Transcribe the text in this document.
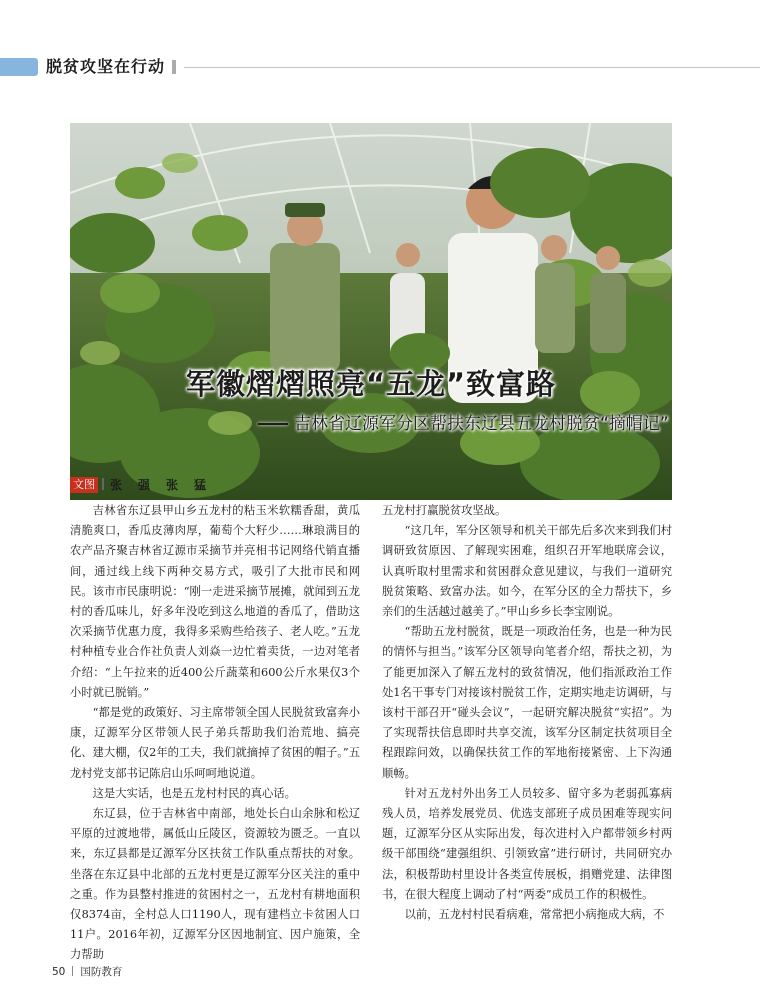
脱贫攻坚在行动
军徽熠熠照亮“五龙”致富路
吉林省辽源军分区帮扶东辽县五龙村脱贫“摘帽记”
文图 张　强　张　猛

吉林省东辽县甲山乡五龙村的粘玉米软糯香甜，黄瓜清脆爽口，香瓜皮薄肉厚，葡萄个大籽少……琳琅满目的农产品齐聚吉林省辽源市采摘节并亮相书记网络代销直播间，通过线上线下两种交易方式，吸引了大批市民和网民。该市市民康明说：“刚一走进采摘节展摊，就闻到五龙村的香瓜味儿，好多年没吃到这么地道的香瓜了，借助这次采摘节优惠力度，我得多采购些给孩子、老人吃。”五龙村种植专业合作社负责人刘焱一边忙着卖货，一边对笔者介绍：“上午拉来的近400公斤蔬菜和600公斤水果仅3个小时就已脱销。”

“都是党的政策好、习主席带领全国人民脱贫致富奔小康，辽源军分区带领人民子弟兵帮助我们治荒地、搞亮化、建大棚，仅2年的工夫，我们就摘掉了贫困的帽子。”五龙村党支部书记陈启山乐呵呵地说道。

这是大实话，也是五龙村村民的真心话。

东辽县，位于吉林省中南部，地处长白山余脉和松辽平原的过渡地带，属低山丘陵区，资源较为匮乏。一直以来，东辽县都是辽源军分区扶贫工作队重点帮扶的对象。坐落在东辽县中北部的五龙村更是辽源军分区关注的重中之重。作为县整村推进的贫困村之一，五龙村有耕地面积仅8374亩，全村总人口1190人，现有建档立卡贫困人口11户。2016年初，辽源军分区因地制宜、因户施策，全力帮助

五龙村打赢脱贫攻坚战。

“这几年，军分区领导和机关干部先后多次来到我们村调研致贫原因、了解现实困难，组织召开军地联席会议，认真听取村里需求和贫困群众意见建议，与我们一道研究脱贫策略、致富办法。如今，在军分区的全力帮扶下，乡亲们的生活越过越美了。”甲山乡乡长李宝刚说。

“帮助五龙村脱贫，既是一项政治任务，也是一种为民的情怀与担当。”该军分区领导向笔者介绍，帮扶之初，为了能更加深入了解五龙村的致贫情况，他们指派政治工作处1名干事专门对接该村脱贫工作，定期实地走访调研，与该村干部召开“碰头会议”，一起研究解决脱贫“实招”。为了实现帮扶信息即时共享交流，该军分区制定扶贫项目全程跟踪问效，以确保扶贫工作的军地衔接紧密、上下沟通顺畅。

针对五龙村外出务工人员较多、留守多为老弱孤寡病残人员，培养发展党员、优选支部班子成员困难等现实问题，辽源军分区从实际出发，每次进村入户都带领乡村两级干部围绕“建强组织、引领致富”进行研讨，共同研究办法，积极帮助村里设计各类宣传展板，捐赠党建、法律图书，在很大程度上调动了村“两委”成员工作的积极性。

以前，五龙村村民看病难，常常把小病拖成大病，不

50 国防教育
